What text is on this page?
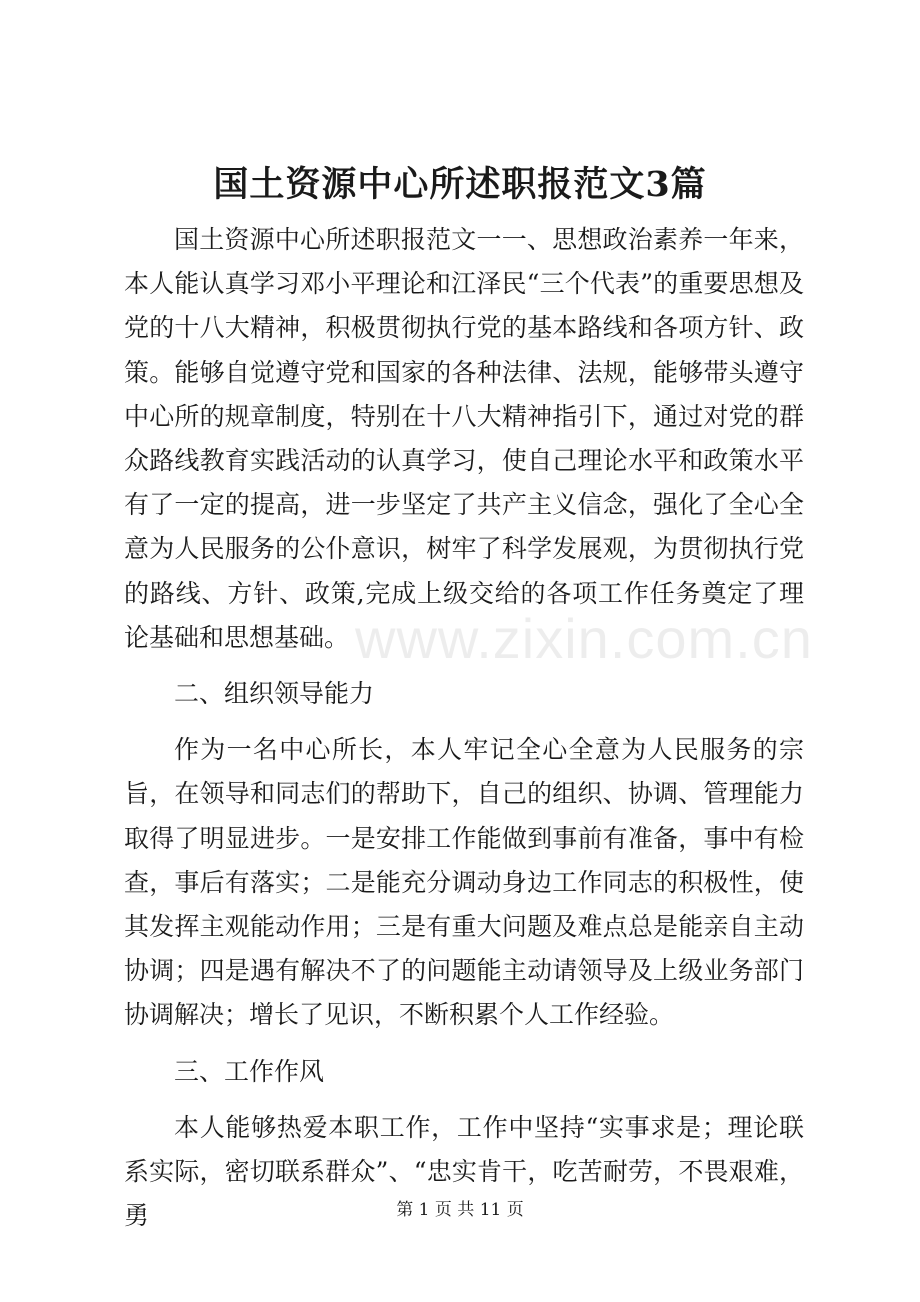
国土资源中心所述职报范文3篇

国土资源中心所述职报范文一一、思想政治素养一年来，本人能认真学习邓小平理论和江泽民“三个代表”的重要思想及党的十八大精神，积极贯彻执行党的基本路线和各项方针、政策。能够自觉遵守党和国家的各种法律、法规，能够带头遵守中心所的规章制度，特别在十八大精神指引下，通过对党的群众路线教育实践活动的认真学习，使自己理论水平和政策水平有了一定的提高，进一步坚定了共产主义信念，强化了全心全意为人民服务的公仆意识，树牢了科学发展观，为贯彻执行党的路线、方针、政策,完成上级交给的各项工作任务奠定了理论基础和思想基础。

二、组织领导能力

作为一名中心所长，本人牢记全心全意为人民服务的宗旨，在领导和同志们的帮助下，自己的组织、协调、管理能力取得了明显进步。一是安排工作能做到事前有准备，事中有检查，事后有落实；二是能充分调动身边工作同志的积极性，使其发挥主观能动作用；三是有重大问题及难点总是能亲自主动协调；四是遇有解决不了的问题能主动请领导及上级业务部门协调解决；增长了见识，不断积累个人工作经验。

三、工作作风

本人能够热爱本职工作，工作中坚持“实事求是；理论联系实际，密切联系群众”、“忠实肯干，吃苦耐劳，不畏艰难，勇

www.zixin.com.cn
第 1 页 共 11 页
